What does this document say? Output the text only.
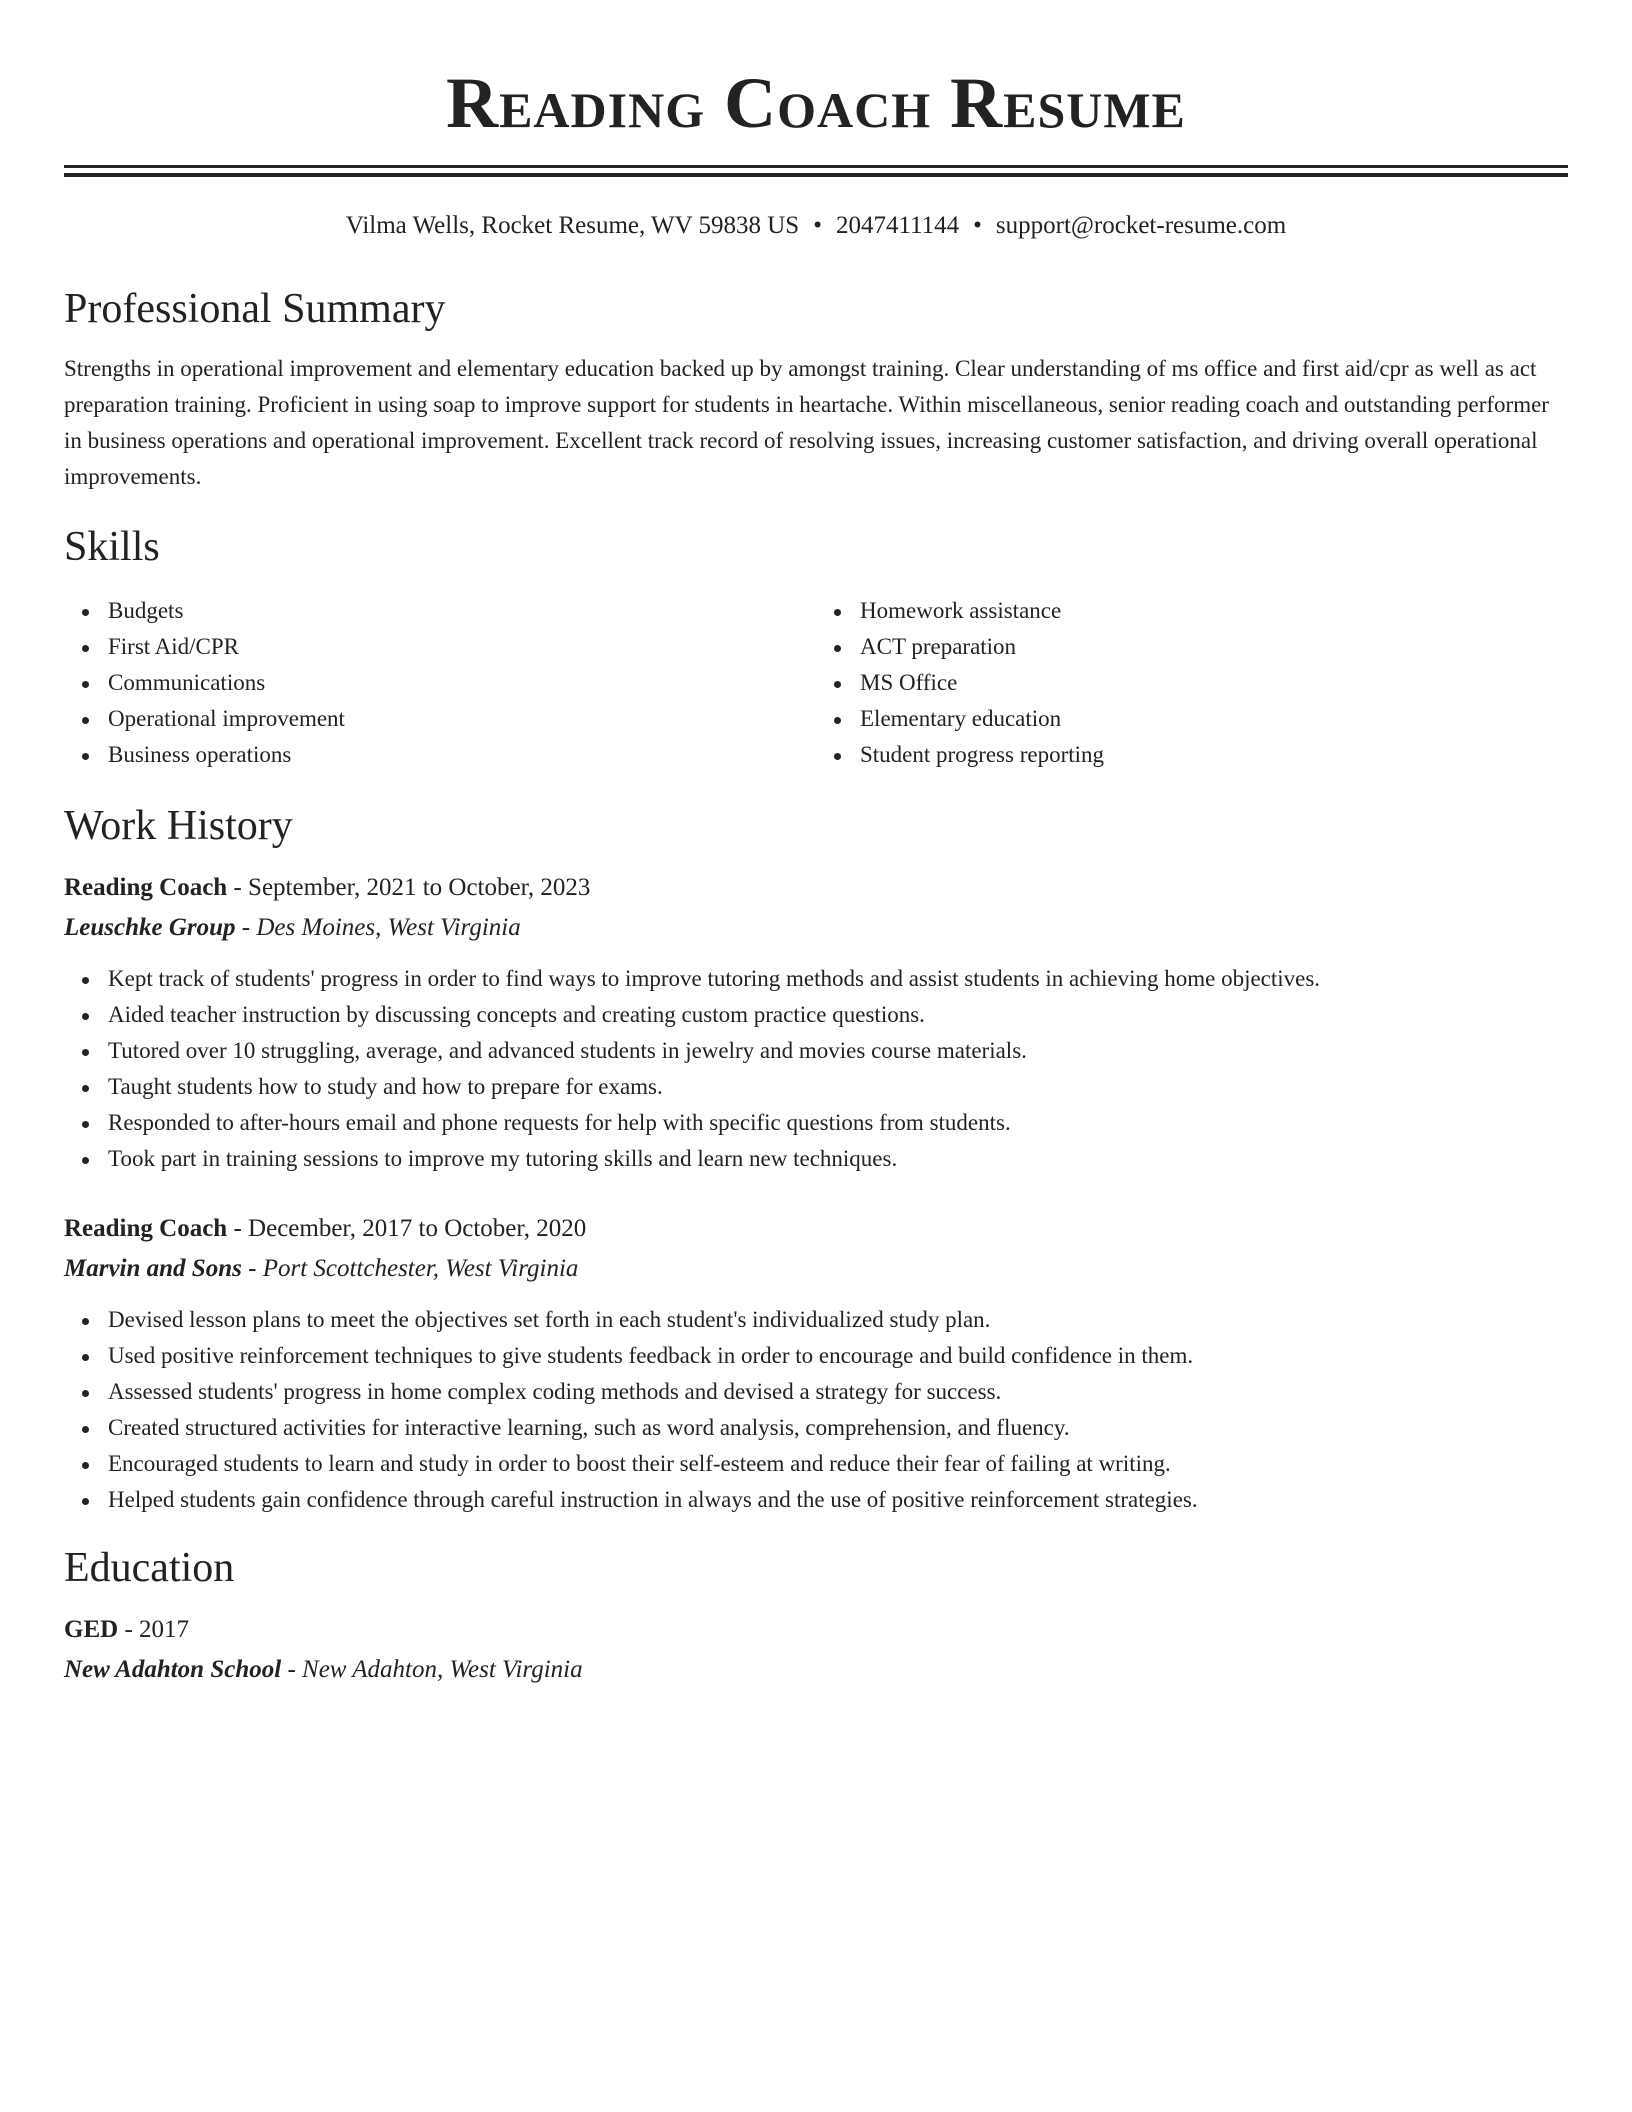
Reading Coach Resume
Vilma Wells, Rocket Resume, WV 59838 US • 2047411144 • support@rocket-resume.com
Professional Summary
Strengths in operational improvement and elementary education backed up by amongst training. Clear understanding of ms office and first aid/cpr as well as act preparation training. Proficient in using soap to improve support for students in heartache. Within miscellaneous, senior reading coach and outstanding performer in business operations and operational improvement. Excellent track record of resolving issues, increasing customer satisfaction, and driving overall operational improvements.
Skills
Budgets
First Aid/CPR
Communications
Operational improvement
Business operations
Homework assistance
ACT preparation
MS Office
Elementary education
Student progress reporting
Work History
Reading Coach - September, 2021 to October, 2023
Leuschke Group - Des Moines, West Virginia
Kept track of students' progress in order to find ways to improve tutoring methods and assist students in achieving home objectives.
Aided teacher instruction by discussing concepts and creating custom practice questions.
Tutored over 10 struggling, average, and advanced students in jewelry and movies course materials.
Taught students how to study and how to prepare for exams.
Responded to after-hours email and phone requests for help with specific questions from students.
Took part in training sessions to improve my tutoring skills and learn new techniques.
Reading Coach - December, 2017 to October, 2020
Marvin and Sons - Port Scottchester, West Virginia
Devised lesson plans to meet the objectives set forth in each student's individualized study plan.
Used positive reinforcement techniques to give students feedback in order to encourage and build confidence in them.
Assessed students' progress in home complex coding methods and devised a strategy for success.
Created structured activities for interactive learning, such as word analysis, comprehension, and fluency.
Encouraged students to learn and study in order to boost their self-esteem and reduce their fear of failing at writing.
Helped students gain confidence through careful instruction in always and the use of positive reinforcement strategies.
Education
GED - 2017
New Adahton School - New Adahton, West Virginia
